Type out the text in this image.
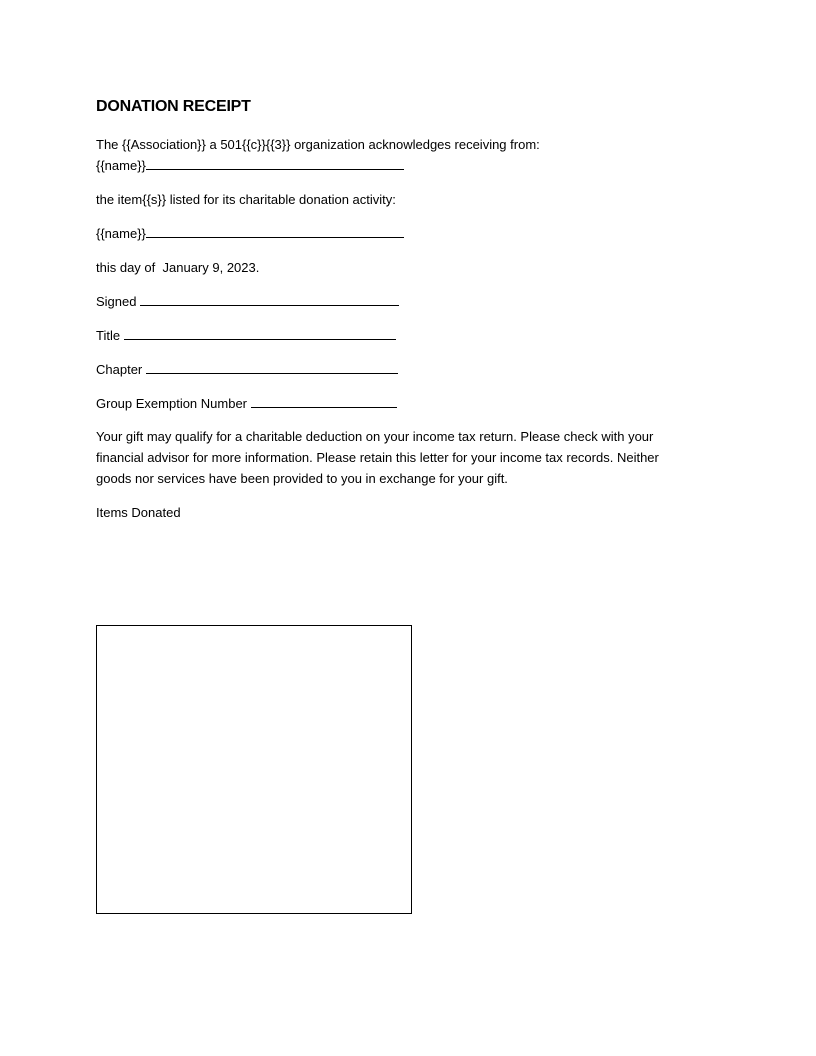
DONATION RECEIPT
The {{Association}} a 501{{c}}{{3}} organization acknowledges receiving from:
{{name}}
the item{{s}} listed for its charitable donation activity:
{{name}}
this day of January 9, 2023.
Signed
Title
Chapter
Group Exemption Number
Your gift may qualify for a charitable deduction on your income tax return. Please check with your financial advisor for more information. Please retain this letter for your income tax records. Neither goods nor services have been provided to you in exchange for your gift.
Items Donated
